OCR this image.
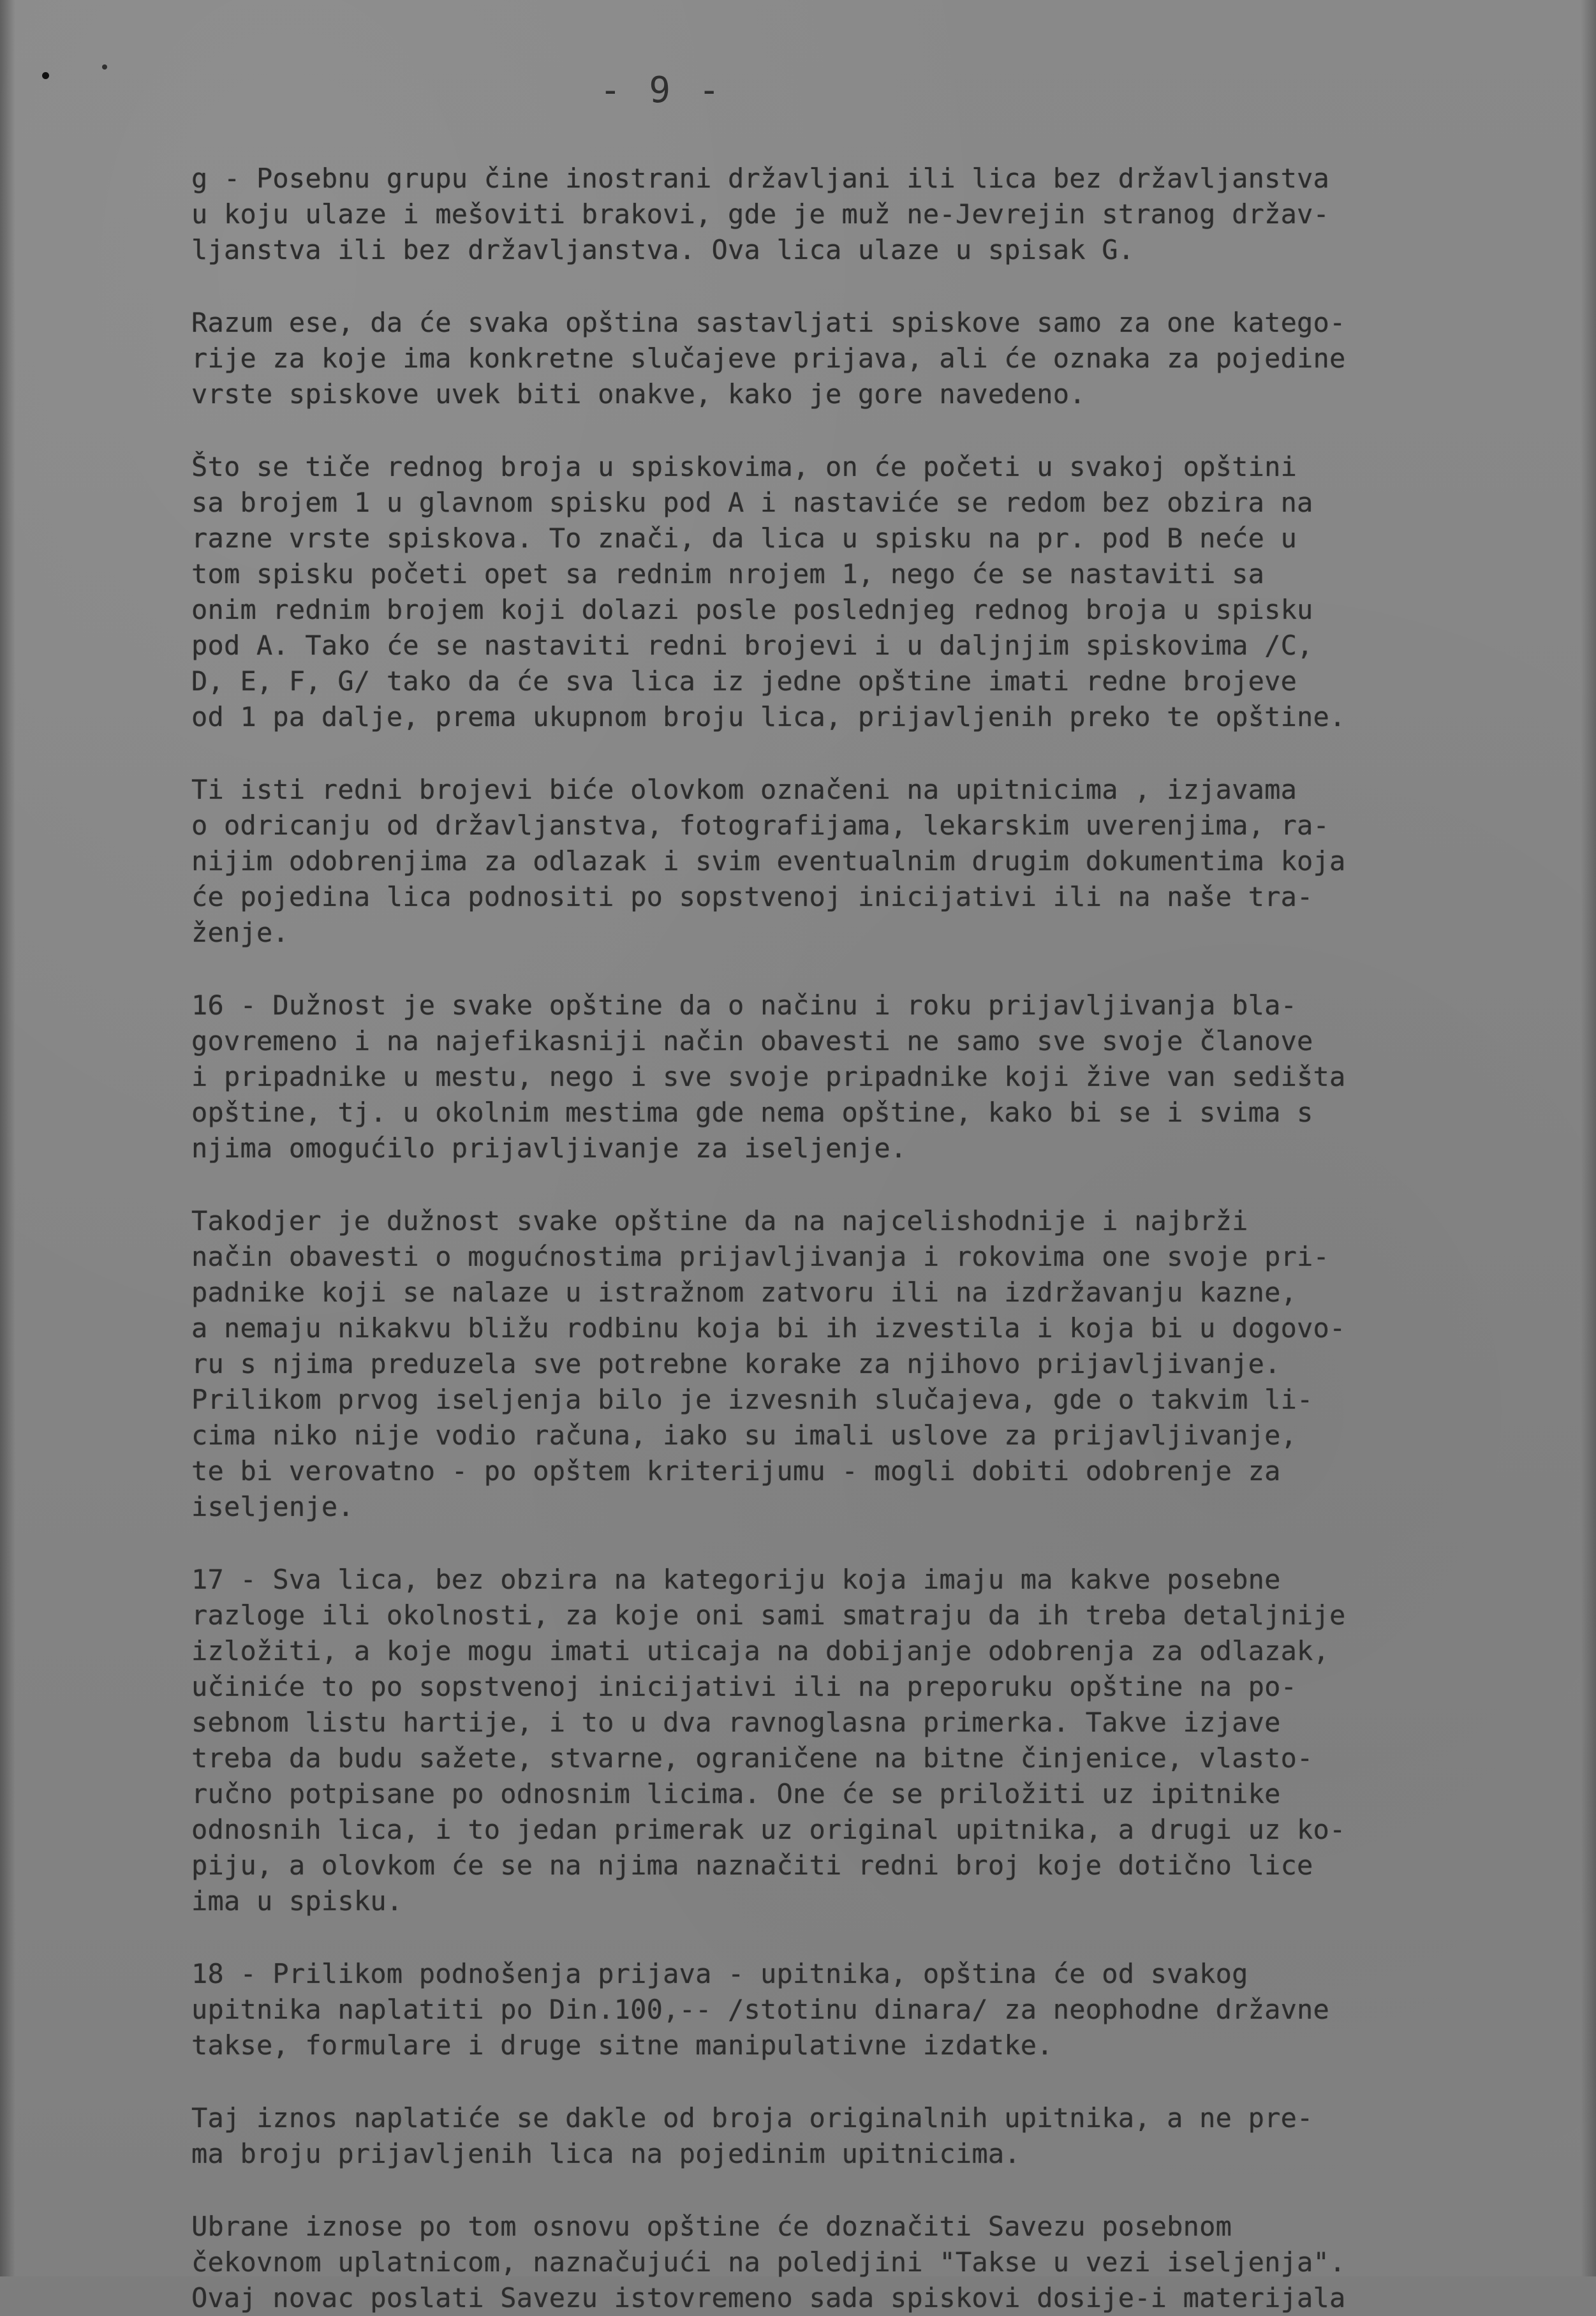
- 9 -
g - Posebnu grupu čine inostrani državljani ili lica bez državljanstva
u koju ulaze i mešoviti brakovi, gde je muž ne-Jevrejin stranog držav-
ljanstva ili bez državljanstva. Ova lica ulaze u spisak G.
Razum ese, da će svaka opština sastavljati spiskove samo za one katego-
rije za koje ima konkretne slučajeve prijava, ali će oznaka za pojedine
vrste spiskove uvek biti onakve, kako je gore navedeno.
Što se tiče rednog broja u spiskovima, on će početi u svakoj opštini
sa brojem 1 u glavnom spisku pod A i nastaviće se redom bez obzira na
razne vrste spiskova. To znači, da lica u spisku na pr. pod B neće u
tom spisku početi opet sa rednim nrojem 1, nego će se nastaviti sa
onim rednim brojem koji dolazi posle poslednjeg rednog broja u spisku
pod A. Tako će se nastaviti redni brojevi i u daljnjim spiskovima /C,
D, E, F, G/ tako da će sva lica iz jedne opštine imati redne brojeve
od 1 pa dalje, prema ukupnom broju lica, prijavljenih preko te opštine.
Ti isti redni brojevi biće olovkom označeni na upitnicima , izjavama
o odricanju od državljanstva, fotografijama, lekarskim uverenjima, ra-
nijim odobrenjima za odlazak i svim eventualnim drugim dokumentima koja
će pojedina lica podnositi po sopstvenoj inicijativi ili na naše tra-
ženje.
16 - Dužnost je svake opštine da o načinu i roku prijavljivanja bla-
govremeno i na najefikasniji način obavesti ne samo sve svoje članove
i pripadnike u mestu, nego i sve svoje pripadnike koji žive van sedišta
opštine, tj. u okolnim mestima gde nema opštine, kako bi se i svima s
njima omogućilo prijavljivanje za iseljenje.
Takodjer je dužnost svake opštine da na najcelishodnije i najbrži
način obavesti o mogućnostima prijavljivanja i rokovima one svoje pri-
padnike koji se nalaze u istražnom zatvoru ili na izdržavanju kazne,
a nemaju nikakvu bližu rodbinu koja bi ih izvestila i koja bi u dogovo-
ru s njima preduzela sve potrebne korake za njihovo prijavljivanje.
Prilikom prvog iseljenja bilo je izvesnih slučajeva, gde o takvim li-
cima niko nije vodio računa, iako su imali uslove za prijavljivanje,
te bi verovatno - po opštem kriterijumu - mogli dobiti odobrenje za
iseljenje.
17 - Sva lica, bez obzira na kategoriju koja imaju ma kakve posebne
razloge ili okolnosti, za koje oni sami smatraju da ih treba detaljnije
izložiti, a koje mogu imati uticaja na dobijanje odobrenja za odlazak,
učiniće to po sopstvenoj inicijativi ili na preporuku opštine na po-
sebnom listu hartije, i to u dva ravnoglasna primerka. Takve izjave
treba da budu sažete, stvarne, ograničene na bitne činjenice, vlasto-
ručno potpisane po odnosnim licima. One će se priložiti uz ipitnike
odnosnih lica, i to jedan primerak uz original upitnika, a drugi uz ko-
piju, a olovkom će se na njima naznačiti redni broj koje dotično lice
ima u spisku.
18 - Prilikom podnošenja prijava - upitnika, opština će od svakog
upitnika naplatiti po Din.100,-- /stotinu dinara/ za neophodne državne
takse, formulare i druge sitne manipulativne izdatke.
Taj iznos naplatiće se dakle od broja originalnih upitnika, a ne pre-
ma broju prijavljenih lica na pojedinim upitnicima.
Ubrane iznose po tom osnovu opštine će doznačiti Savezu posebnom
čekovnom uplatnicom, naznačujući na poledjini "Takse u vezi iseljenja".
Ovaj novac poslati Savezu istovremeno sada spiskovi dosije-i materijala
